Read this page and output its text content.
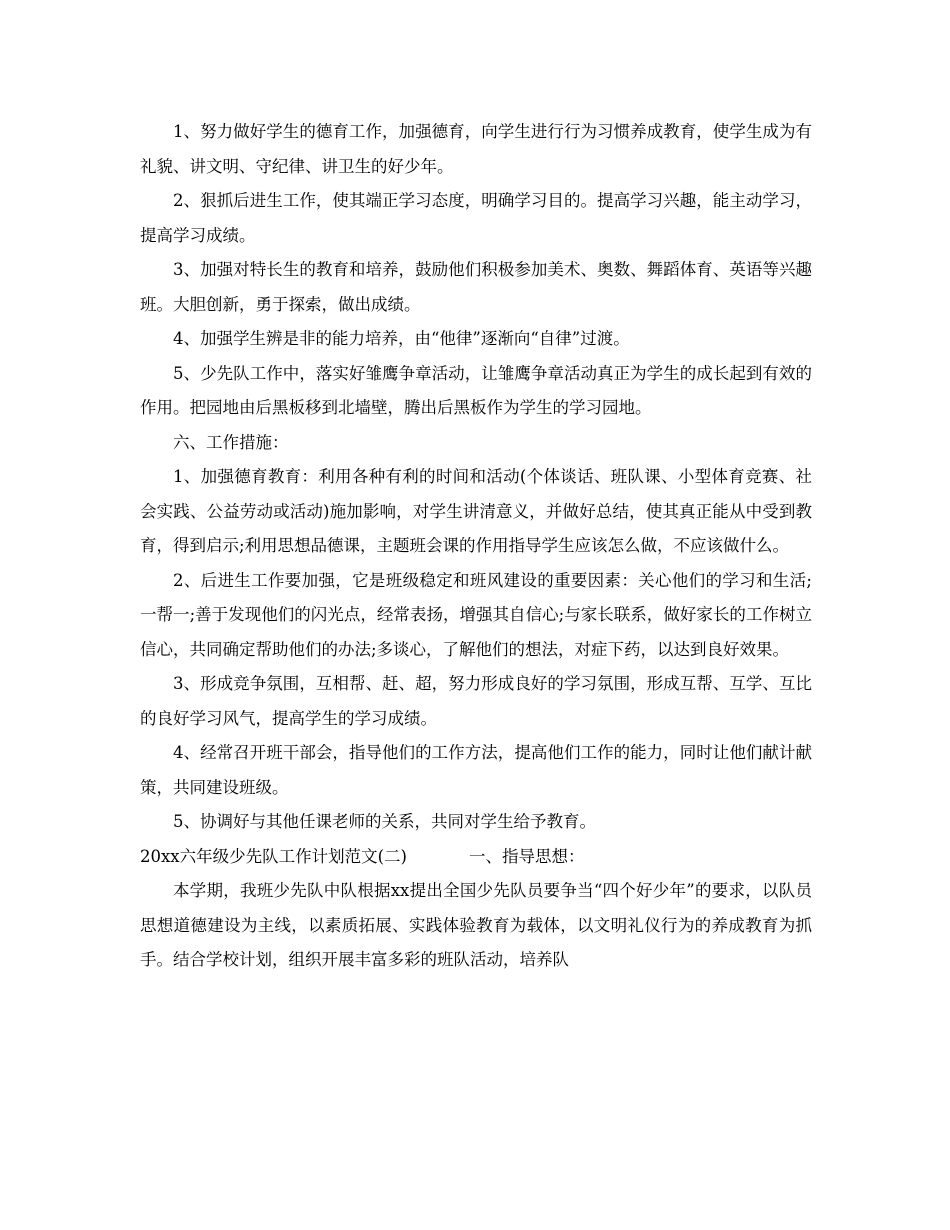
1、努力做好学生的德育工作，加强德育，向学生进行行为习惯养成教育，使学生成为有礼貌、讲文明、守纪律、讲卫生的好少年。

2、狠抓后进生工作，使其端正学习态度，明确学习目的。提高学习兴趣，能主动学习，提高学习成绩。

3、加强对特长生的教育和培养，鼓励他们积极参加美术、奥数、舞蹈体育、英语等兴趣班。大胆创新，勇于探索，做出成绩。

4、加强学生辨是非的能力培养，由“他律”逐渐向“自律”过渡。

5、少先队工作中，落实好雏鹰争章活动，让雏鹰争章活动真正为学生的成长起到有效的作用。把园地由后黑板移到北墙壁，腾出后黑板作为学生的学习园地。

六、工作措施：

1、加强德育教育：利用各种有利的时间和活动(个体谈话、班队课、小型体育竞赛、社会实践、公益劳动或活动)施加影响，对学生讲清意义，并做好总结，使其真正能从中受到教育，得到启示;利用思想品德课，主题班会课的作用指导学生应该怎么做，不应该做什么。

2、后进生工作要加强，它是班级稳定和班风建设的重要因素：关心他们的学习和生活;一帮一;善于发现他们的闪光点，经常表扬，增强其自信心;与家长联系，做好家长的工作树立信心，共同确定帮助他们的办法;多谈心，了解他们的想法，对症下药，以达到良好效果。

3、形成竞争氛围，互相帮、赶、超，努力形成良好的学习氛围，形成互帮、互学、互比的良好学习风气，提高学生的学习成绩。

4、经常召开班干部会，指导他们的工作方法，提高他们工作的能力，同时让他们献计献策，共同建设班级。

5、协调好与其他任课老师的关系，共同对学生给予教育。

20xx六年级少先队工作计划范文(二)	一、指导思想：

本学期，我班少先队中队根据xx提出全国少先队员要争当“四个好少年”的要求，以队员思想道德建设为主线，以素质拓展、实践体验教育为载体，以文明礼仪行为的养成教育为抓手。结合学校计划，组织开展丰富多彩的班队活动，培养队
